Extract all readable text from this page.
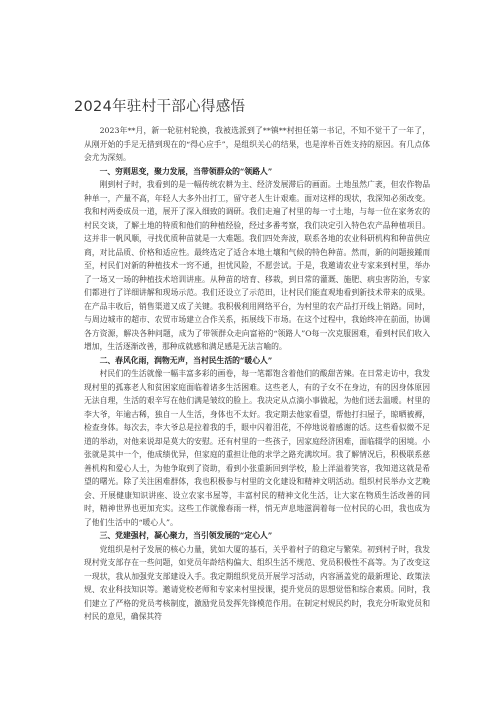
2024年驻村干部心得感悟

2023年**月，新一轮驻村轮换，我被选派到了**镇**村担任第一书记，不知不觉干了一年了，从刚开始的手足无措到现在的“得心应手”，是组织关心的结果，也是淳朴百姓支持的原因。有几点体会尤为深刻。

一、穷则思变，聚力发展，当带领群众的“领路人”

刚到村子时，我看到的是一幅传统农耕为主、经济发展滞后的画面。土地虽然广袤，但农作物品种单一，产量不高，年轻人大多外出打工，留守老人生计艰难。面对这样的现状，我深知必须改变。我和村两委成员一道，展开了深入细致的调研。我们走遍了村里的每一寸土地，与每一位在家务农的村民交谈，了解土地的特质和他们的种植经验，经过多番考察，我们决定引入特色农产品种植项目。这并非一帆风顺，寻找优质种苗就是一大难题。我们四处奔波，联系各地的农业科研机构和种苗供应商，对比品质、价格和适应性。最终选定了适合本地土壤和气候的特色种苗。然而，新的问题接踵而至，村民们对新的种植技术一窍不通，担忧风险，不愿尝试。于是，我邀请农业专家来到村里，举办了一场又一场的种植技术培训讲座。从种苗的培育、移栽，到日常的灌溉、施肥、病虫害防治，专家们都进行了详细讲解和现场示范。我们还设立了示范田，让村民们能直观地看到新技术带来的成果。在产品丰收后，销售渠道又成了关键。我积极利用网络平台，为村里的农产品打开线上销路。同时，与周边城市的超市、农贸市场建立合作关系，拓展线下市场。在这个过程中，我始终冲在前面，协调各方资源，解决各种问题，成为了带领群众走向富裕的“领路人”O每一次克服困难，看到村民们收入增加，生活逐渐改善，那种成就感和满足感是无法言喻的。

二、春风化雨，润物无声，当村民生活的“暖心人”

村民们的生活就像一幅丰富多彩的画卷，每一笔都饱含着他们的酸甜苦辣。在日常走访中，我发现村里的孤寡老人和贫困家庭面临着诸多生活困难。这些老人，有的子女不在身边，有的因身体原因无法自理，生活的艰辛写在他们满是皱纹的脸上。我决定从点滴小事做起，为他们送去温暖。村里的李大爷，年逾古稀，独自一人生活，身体也不太好。我定期去他家看望，帮他打扫屋子，晾晒被褥，检查身体。每次去，李大爷总是拉着我的手，眼中闪着泪花，不停地说着感谢的话。这些看似微不足道的举动，对他来说却是莫大的安慰。还有村里的一些孩子，因家庭经济困难，面临辍学的困境。小张就是其中一个，他成绩优异，但家庭的重担让他的求学之路充满坎坷。我了解情况后，积极联系慈善机构和爱心人士，为他争取到了资助，看到小张重新回到学校，脸上洋溢着笑容，我知道这就是希望的曙光。除了关注困难群体，我也积极参与村里的文化建设和精神文明活动。组织村民举办文艺晚会、开展健康知识讲座、设立农家书屋等，丰富村民的精神文化生活，让大家在物质生活改善的同时，精神世界也更加充实。这些工作就像春雨一样，悄无声息地滋润着每一位村民的心田，我也成为了他们生活中的“暖心人”。

三、党建强村，凝心聚力，当引领发展的“定心人”

党组织是村子发展的核心力量，犹如大厦的基石，关乎着村子的稳定与繁荣。初到村子时，我发现村党支部存在一些问题，如党员年龄结构偏大、组织生活不规范、党员积极性不高等。为了改变这一现状，我从加强党支部建设入手。我定期组织党员开展学习活动，内容涵盖党的最新理论、政策法规、农业科技知识等。邀请党校老师和专家来村里授课，提升党员的思想觉悟和综合素质。同时，我们建立了严格的党员考核制度，激励党员发挥先锋模范作用。在制定村规民约时，我充分听取党员和村民的意见，确保其符
